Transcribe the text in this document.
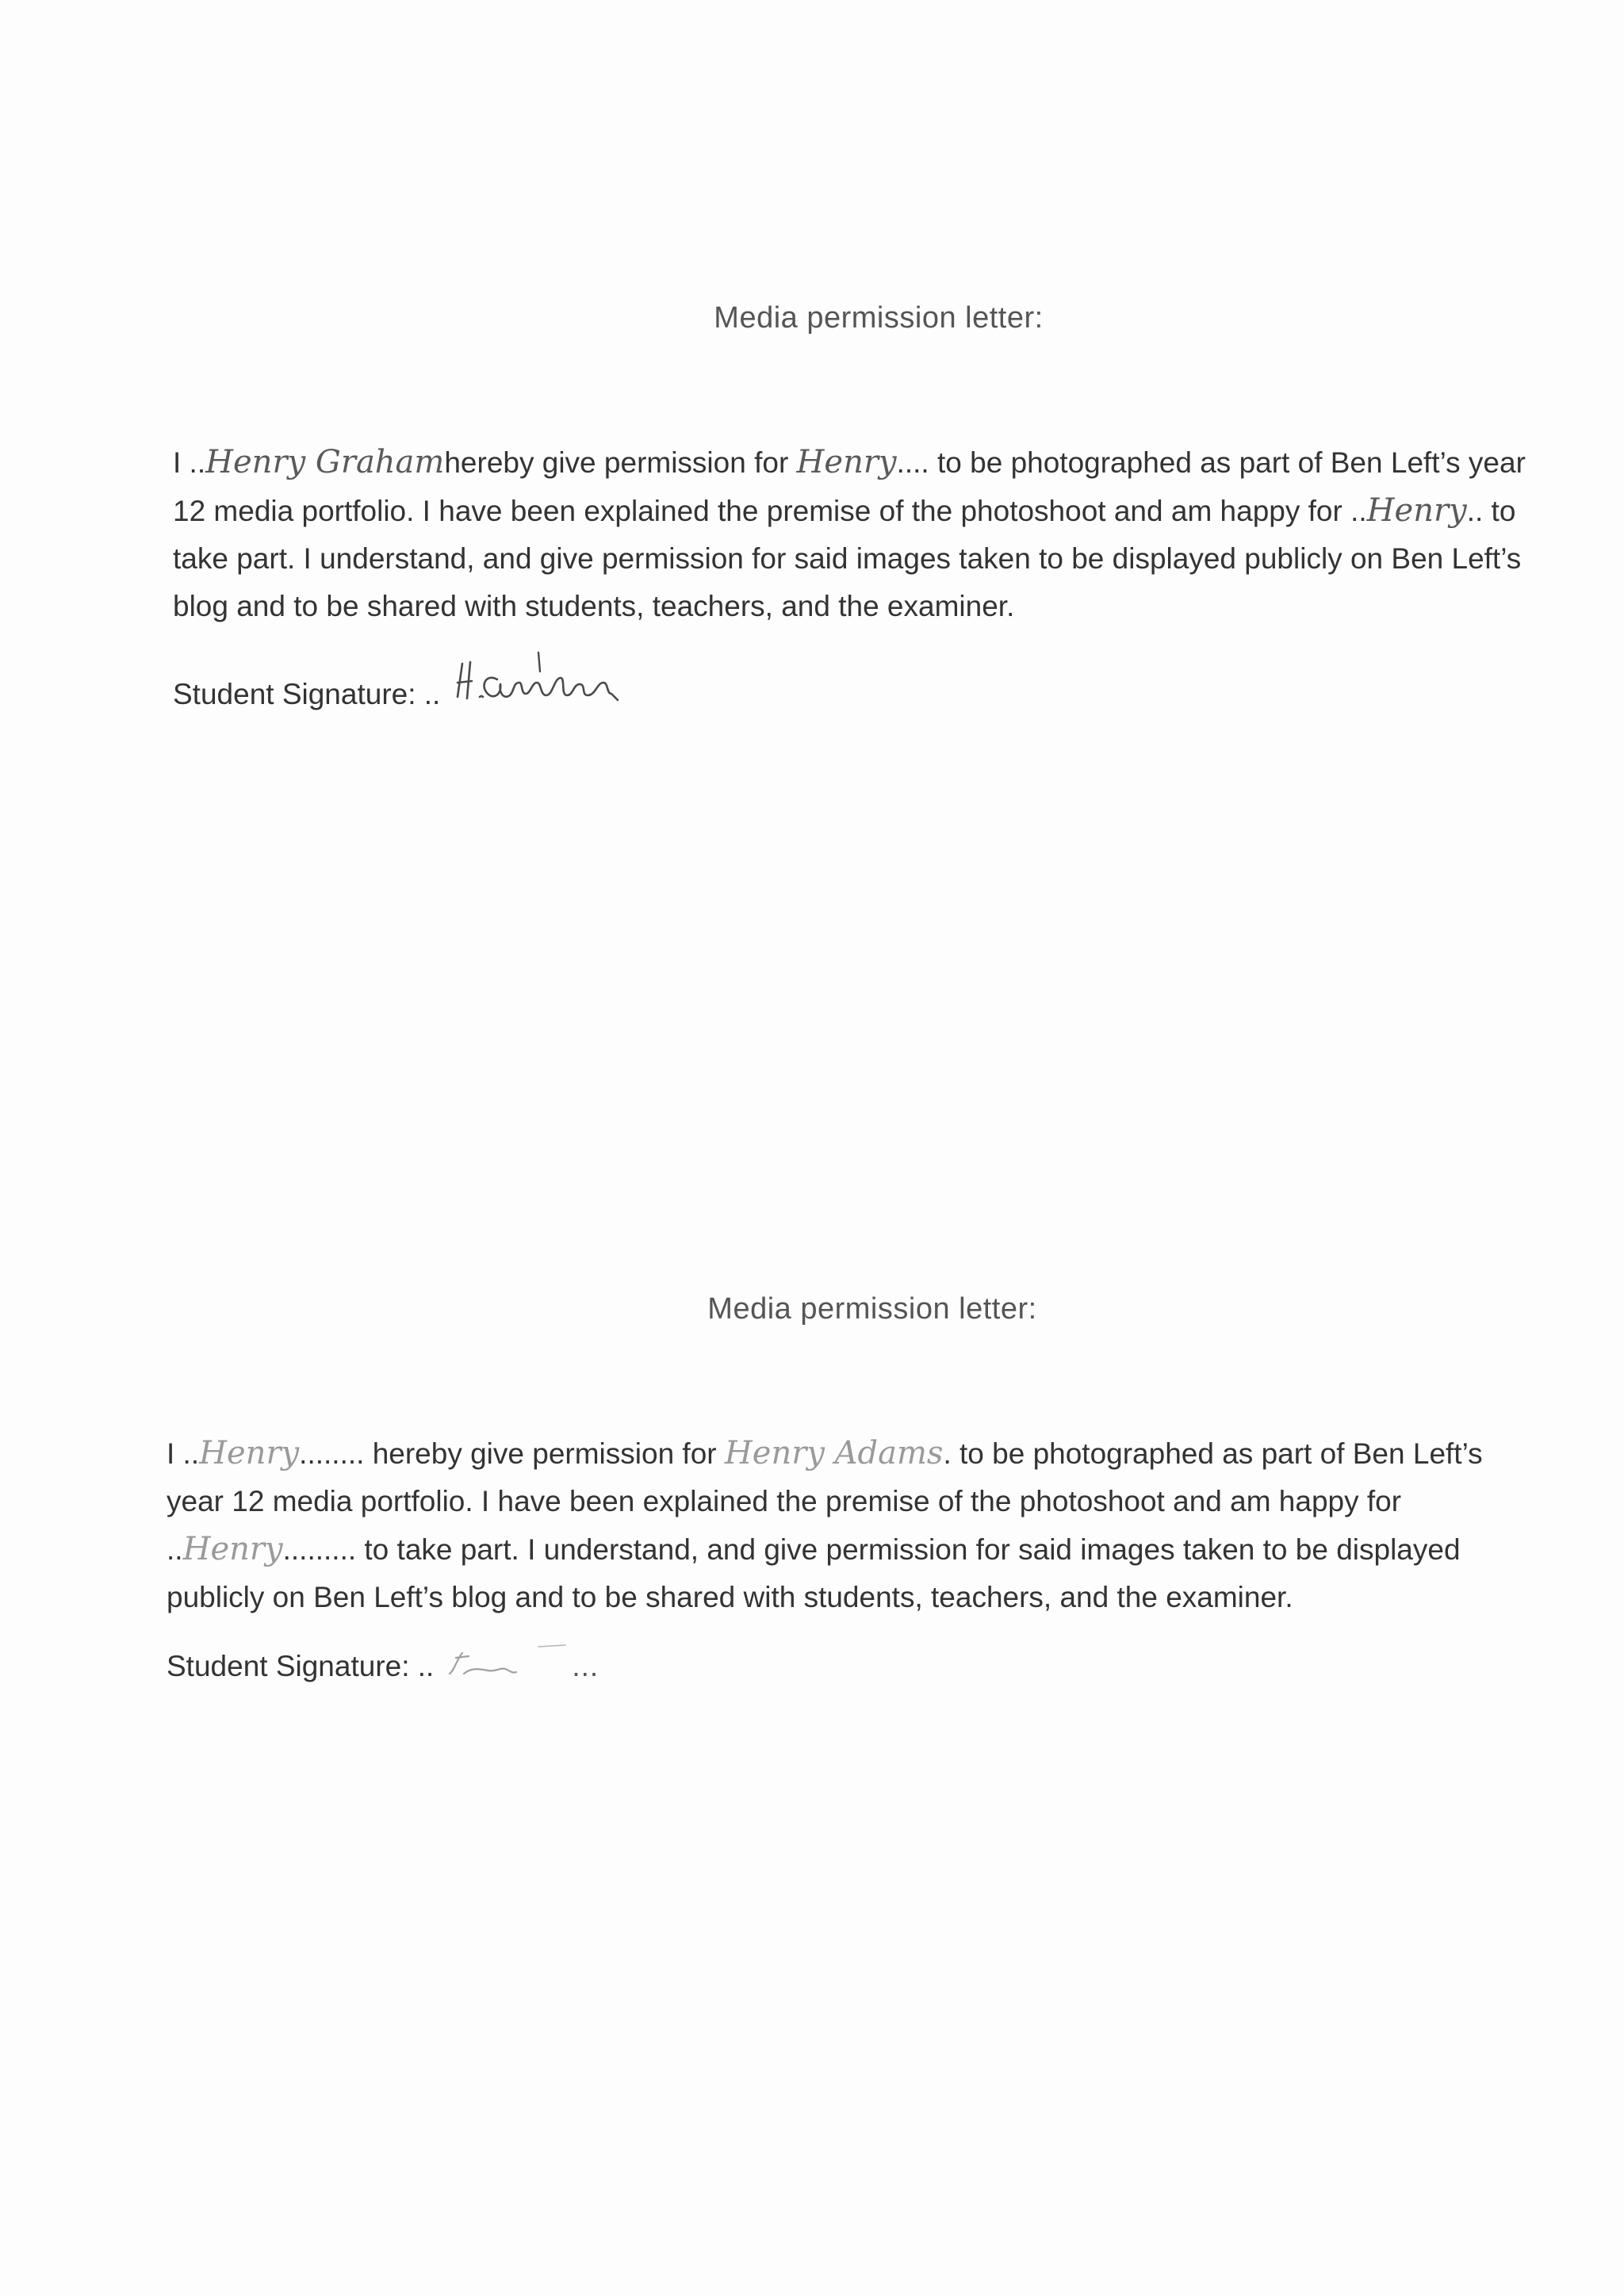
Media permission letter:

I ..Henry Grahamhereby give permission for Henry.... to be photographed as part of Ben Left’s year 12 media portfolio. I have been explained the premise of the photoshoot and am happy for ..Henry.. to take part. I understand, and give permission for said images taken to be displayed publicly on Ben Left’s blog and to be shared with students, teachers, and the examiner.

Student Signature: ..

Media permission letter:

I ..Henry........ hereby give permission for Henry Adams. to be photographed as part of Ben Left’s year 12 media portfolio. I have been explained the premise of the photoshoot and am happy for ..Henry......... to take part. I understand, and give permission for said images taken to be displayed publicly on Ben Left’s blog and to be shared with students, teachers, and the examiner.

Student Signature: ..	...
